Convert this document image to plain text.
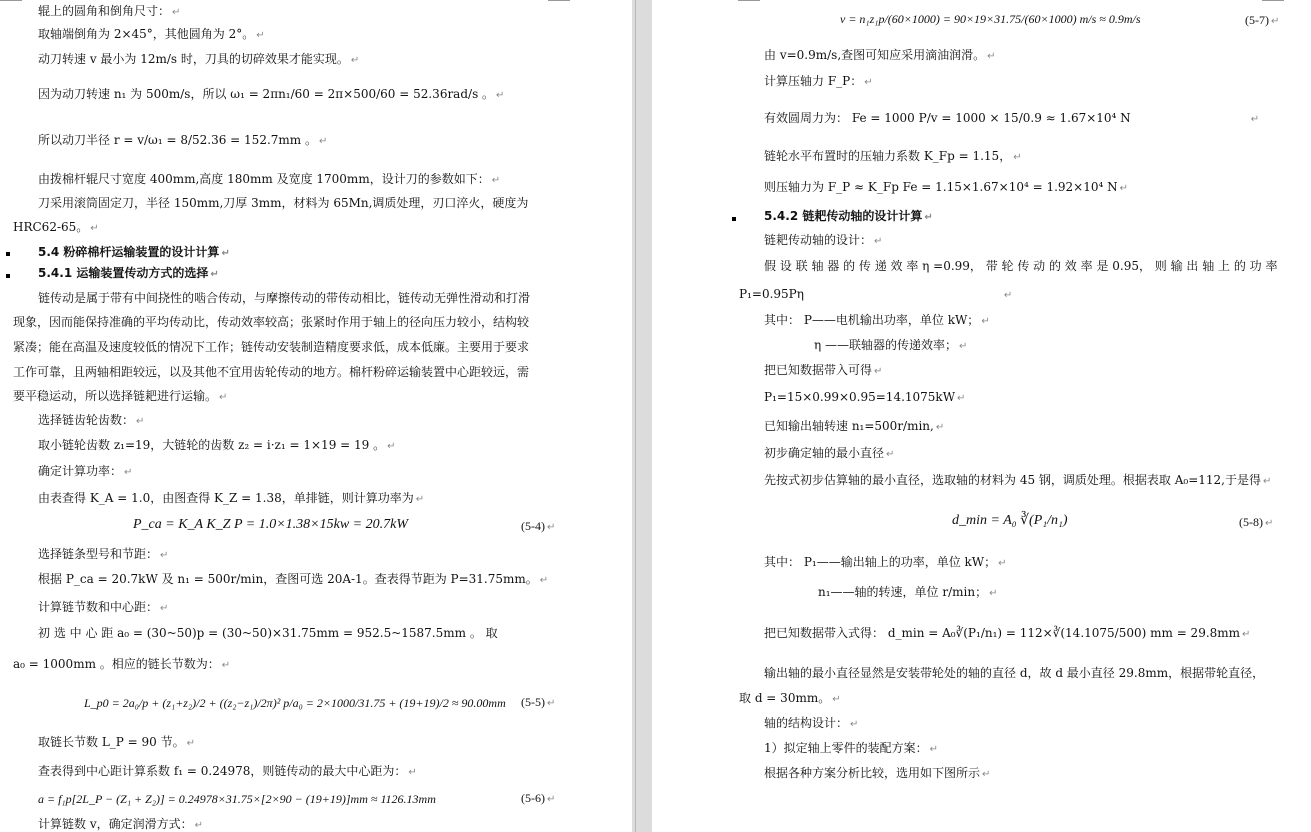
辊上的圆角和倒角尺寸： ↵
取轴端倒角为 2×45°，其他圆角为 2°。 ↵
动刀转速 v 最小为 12m/s 时，刀具的切碎效果才能实现。 ↵
因为动刀转速 n₁ 为 500m/s，所以 ω₁ = 2πn₁/60 = 2π×500/60 = 52.36rad/s 。 ↵
所以动刀半径 r = v/ω₁ = 8/52.36 = 152.7mm 。 ↵
由拨棉杆辊尺寸宽度 400mm,高度 180mm 及宽度 1700mm，设计刀的参数如下： ↵
刀采用滚筒固定刀，半径 150mm,刀厚 3mm，材料为 65Mn,调质处理，刃口淬火，硬度为
HRC62-65。 ↵
5.4 粉碎棉杆运输装置的设计计算 ↵
5.4.1 运输装置传动方式的选择 ↵
链传动是属于带有中间挠性的啮合传动，与摩擦传动的带传动相比，链传动无弹性滑动和打滑
现象，因而能保持准确的平均传动比，传动效率较高；张紧时作用于轴上的径向压力较小，结构较
紧凑；能在高温及速度较低的情况下工作；链传动安装制造精度要求低，成本低廉。主要用于要求
工作可靠，且两轴相距较远，以及其他不宜用齿轮传动的地方。棉杆粉碎运输装置中心距较远，需
要平稳运动，所以选择链耙进行运输。 ↵
选择链齿轮齿数： ↵
取小链轮齿数 z₁=19，大链轮的齿数 z₂ = i·z₁ = 1×19 = 19 。 ↵
确定计算功率： ↵
由表查得 K_A = 1.0，由图查得 K_Z = 1.38，单排链，则计算功率为 ↵
P_ca = K_A K_Z P = 1.0×1.38×15kw = 20.7kW	(5-4) ↵
选择链条型号和节距： ↵
根据 P_ca = 20.7kW 及 n₁ = 500r/min，查图可选 20A-1。查表得节距为 P=31.75mm。 ↵
计算链节数和中心距： ↵
初 选 中 心 距 a₀ = (30~50)p = (30~50)×31.75mm = 952.5~1587.5mm 。 取
a₀ = 1000mm 。相应的链长节数为： ↵
L_p0 = 2a₀/p + (z₁+z₂)/2 + ((z₂−z₁)/2π)² p/a₀ = 2×1000/31.75 + (19+19)/2 ≈ 90.00mm (5-5) ↵
取链长节数 L_P = 90 节。 ↵
查表得到中心距计算系数 f₁ = 0.24978，则链传动的最大中心距为： ↵
a = f₁p[2L_P − (Z₁ + Z₂)] = 0.24978×31.75×[2×90 − (19+19)]mm ≈ 1126.13mm	(5-6) ↵
计算链数 v，确定润滑方式： ↵
v = n₁z₁p/(60×1000) = 90×19×31.75/(60×1000) m/s ≈ 0.9m/s	(5-7) ↵
由 v=0.9m/s,查图可知应采用滴油润滑。 ↵
计算压轴力 F_P： ↵
有效圆周力为： Fe = 1000 P/v = 1000 × 15/0.9 ≈ 1.67×10⁴ N	↵
链轮水平布置时的压轴力系数 K_Fp = 1.15， ↵
则压轴力为 F_P ≈ K_Fp Fe = 1.15×1.67×10⁴ = 1.92×10⁴ N ↵
5.4.2 链耙传动轴的设计计算 ↵
链耙传动轴的设计： ↵
假 设 联 轴 器 的 传 递 效 率 η =0.99， 带 轮 传 动 的 效 率 是 0.95， 则 输 出 轴 上 的 功 率
P₁=0.95Pη	↵
其中： P——电机输出功率，单位 kW； ↵
η ——联轴器的传递效率； ↵
把已知数据带入可得 ↵
P₁=15×0.99×0.95=14.1075kW ↵
已知输出轴转速 n₁=500r/min, ↵
初步确定轴的最小直径 ↵
先按式初步估算轴的最小直径，选取轴的材料为 45 钢，调质处理。根据表取 A₀=112,于是得 ↵
d_min = A₀ ∛(P₁/n₁)	(5-8) ↵
其中： P₁——输出轴上的功率，单位 kW； ↵
n₁——轴的转速，单位 r/min； ↵
把已知数据带入式得： d_min = A₀∛(P₁/n₁) = 112×∛(14.1075/500) mm = 29.8mm ↵
输出轴的最小直径显然是安装带轮处的轴的直径 d，故 d 最小直径 29.8mm，根据带轮直径，
取 d = 30mm。 ↵
轴的结构设计： ↵
1）拟定轴上零件的装配方案： ↵
根据各种方案分析比较，选用如下图所示 ↵
